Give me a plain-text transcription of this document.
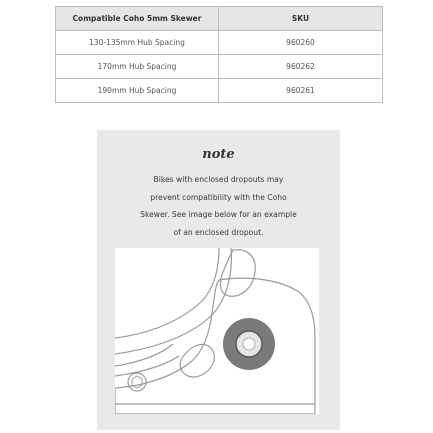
Compatible Coho 5mm Skewer	SKU
130-135mm Hub Spacing	960260
170mm Hub Spacing	960262
190mm Hub Spacing	960261
note
Bikes with enclosed dropouts may
prevent compatibility with the Coho
Skewer. See image below for an example
of an enclosed dropout.
